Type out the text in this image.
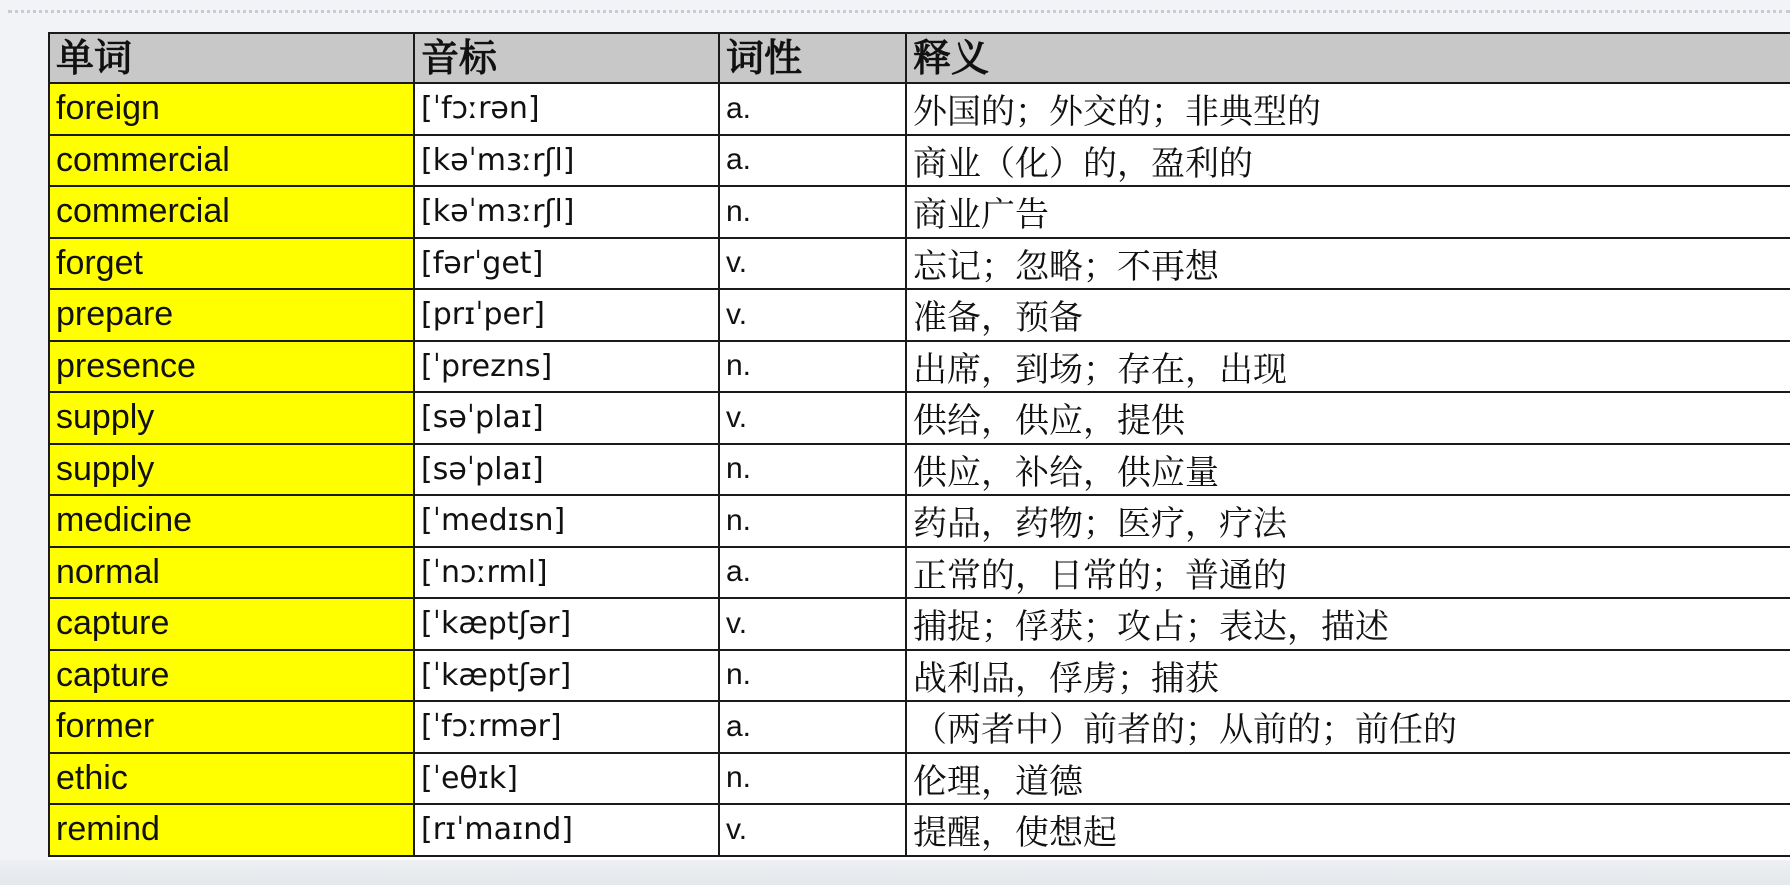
单词	音标	词性	释义
foreign	[ˈfɔːrən]	a.	外国的；外交的；非典型的
commercial	[kəˈmɜːrʃl]	a.	商业（化）的，盈利的
commercial	[kəˈmɜːrʃl]	n.	商业广告
forget	[fərˈget]	v.	忘记；忽略；不再想
prepare	[prɪˈper]	v.	准备，预备
presence	[ˈprezns]	n.	出席，到场；存在，出现
supply	[səˈplaɪ]	v.	供给，供应，提供
supply	[səˈplaɪ]	n.	供应，补给，供应量
medicine	[ˈmedɪsn]	n.	药品，药物；医疗，疗法
normal	[ˈnɔːrml]	a.	正常的，日常的；普通的
capture	[ˈkæptʃər]	v.	捕捉；俘获；攻占；表达，描述
capture	[ˈkæptʃər]	n.	战利品，俘虏；捕获
former	[ˈfɔːrmər]	a.	（两者中）前者的；从前的；前任的
ethic	[ˈeθɪk]	n.	伦理，道德
remind	[rɪˈmaɪnd]	v.	提醒，使想起
